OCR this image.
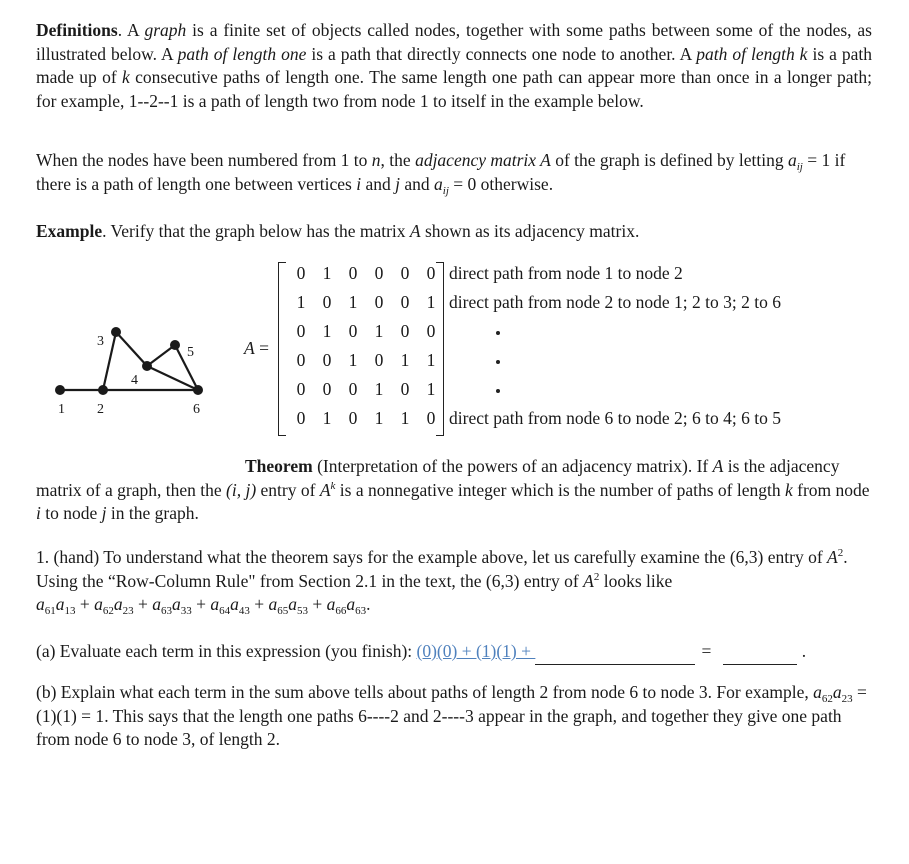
Definitions. A graph is a finite set of objects called nodes, together with some paths between some of the nodes, as illustrated below. A path of length one is a path that directly connects one node to another. A path of length k is a path made up of k consecutive paths of length one. The same length one path can appear more than once in a longer path; for example, 1--2--1 is a path of length two from node 1 to itself in the example below.
When the nodes have been numbered from 1 to n, the adjacency matrix A of the graph is defined by letting $a_{ij} = 1$ if there is a path of length one between vertices i and j and $a_{ij} = 0$ otherwise.
Example. Verify that the graph below has the matrix A shown as its adjacency matrix.
1 2
3
4
5
6
A =
0 1 0 0 0 0
1 0 1 0 0 1
0 1 0 1 0 0
0 0 1 0 1 1
0 0 0 1 0 1
0 1 0 1 1 0
direct path from node 1 to node 2
direct path from node 2 to node 1; 2 to 3; 2 to 6
direct path from node 6 to node 2; 6 to 4; 6 to 5
Theorem (Interpretation of the powers of an adjacency matrix). If A is the adjacency matrix of a graph, then the (i, j) entry of $A^k$ is a nonnegative integer which is the number of paths of length k from node i to node j in the graph.
1. (hand) To understand what the theorem says for the example above, let us carefully examine the (6,3) entry of $A^2$. Using the “Row-Column Rule" from Section 2.1 in the text, the (6,3) entry of $A^2$ looks like
$a_{61}a_{13} + a_{62}a_{23} + a_{63}a_{33} + a_{64}a_{43} + a_{65}a_{53} + a_{66}a_{63}$.
(a) Evaluate each term in this expression (you finish): (0)(0) + (1)(1) +	=	.
(b) Explain what each term in the sum above tells about paths of length 2 from node 6 to node 3. For example, $a_{62}a_{23} = (1)(1) = 1$. This says that the length one paths 6----2 and 2----3 appear in the graph, and together they give one path from node 6 to node 3, of length 2.
